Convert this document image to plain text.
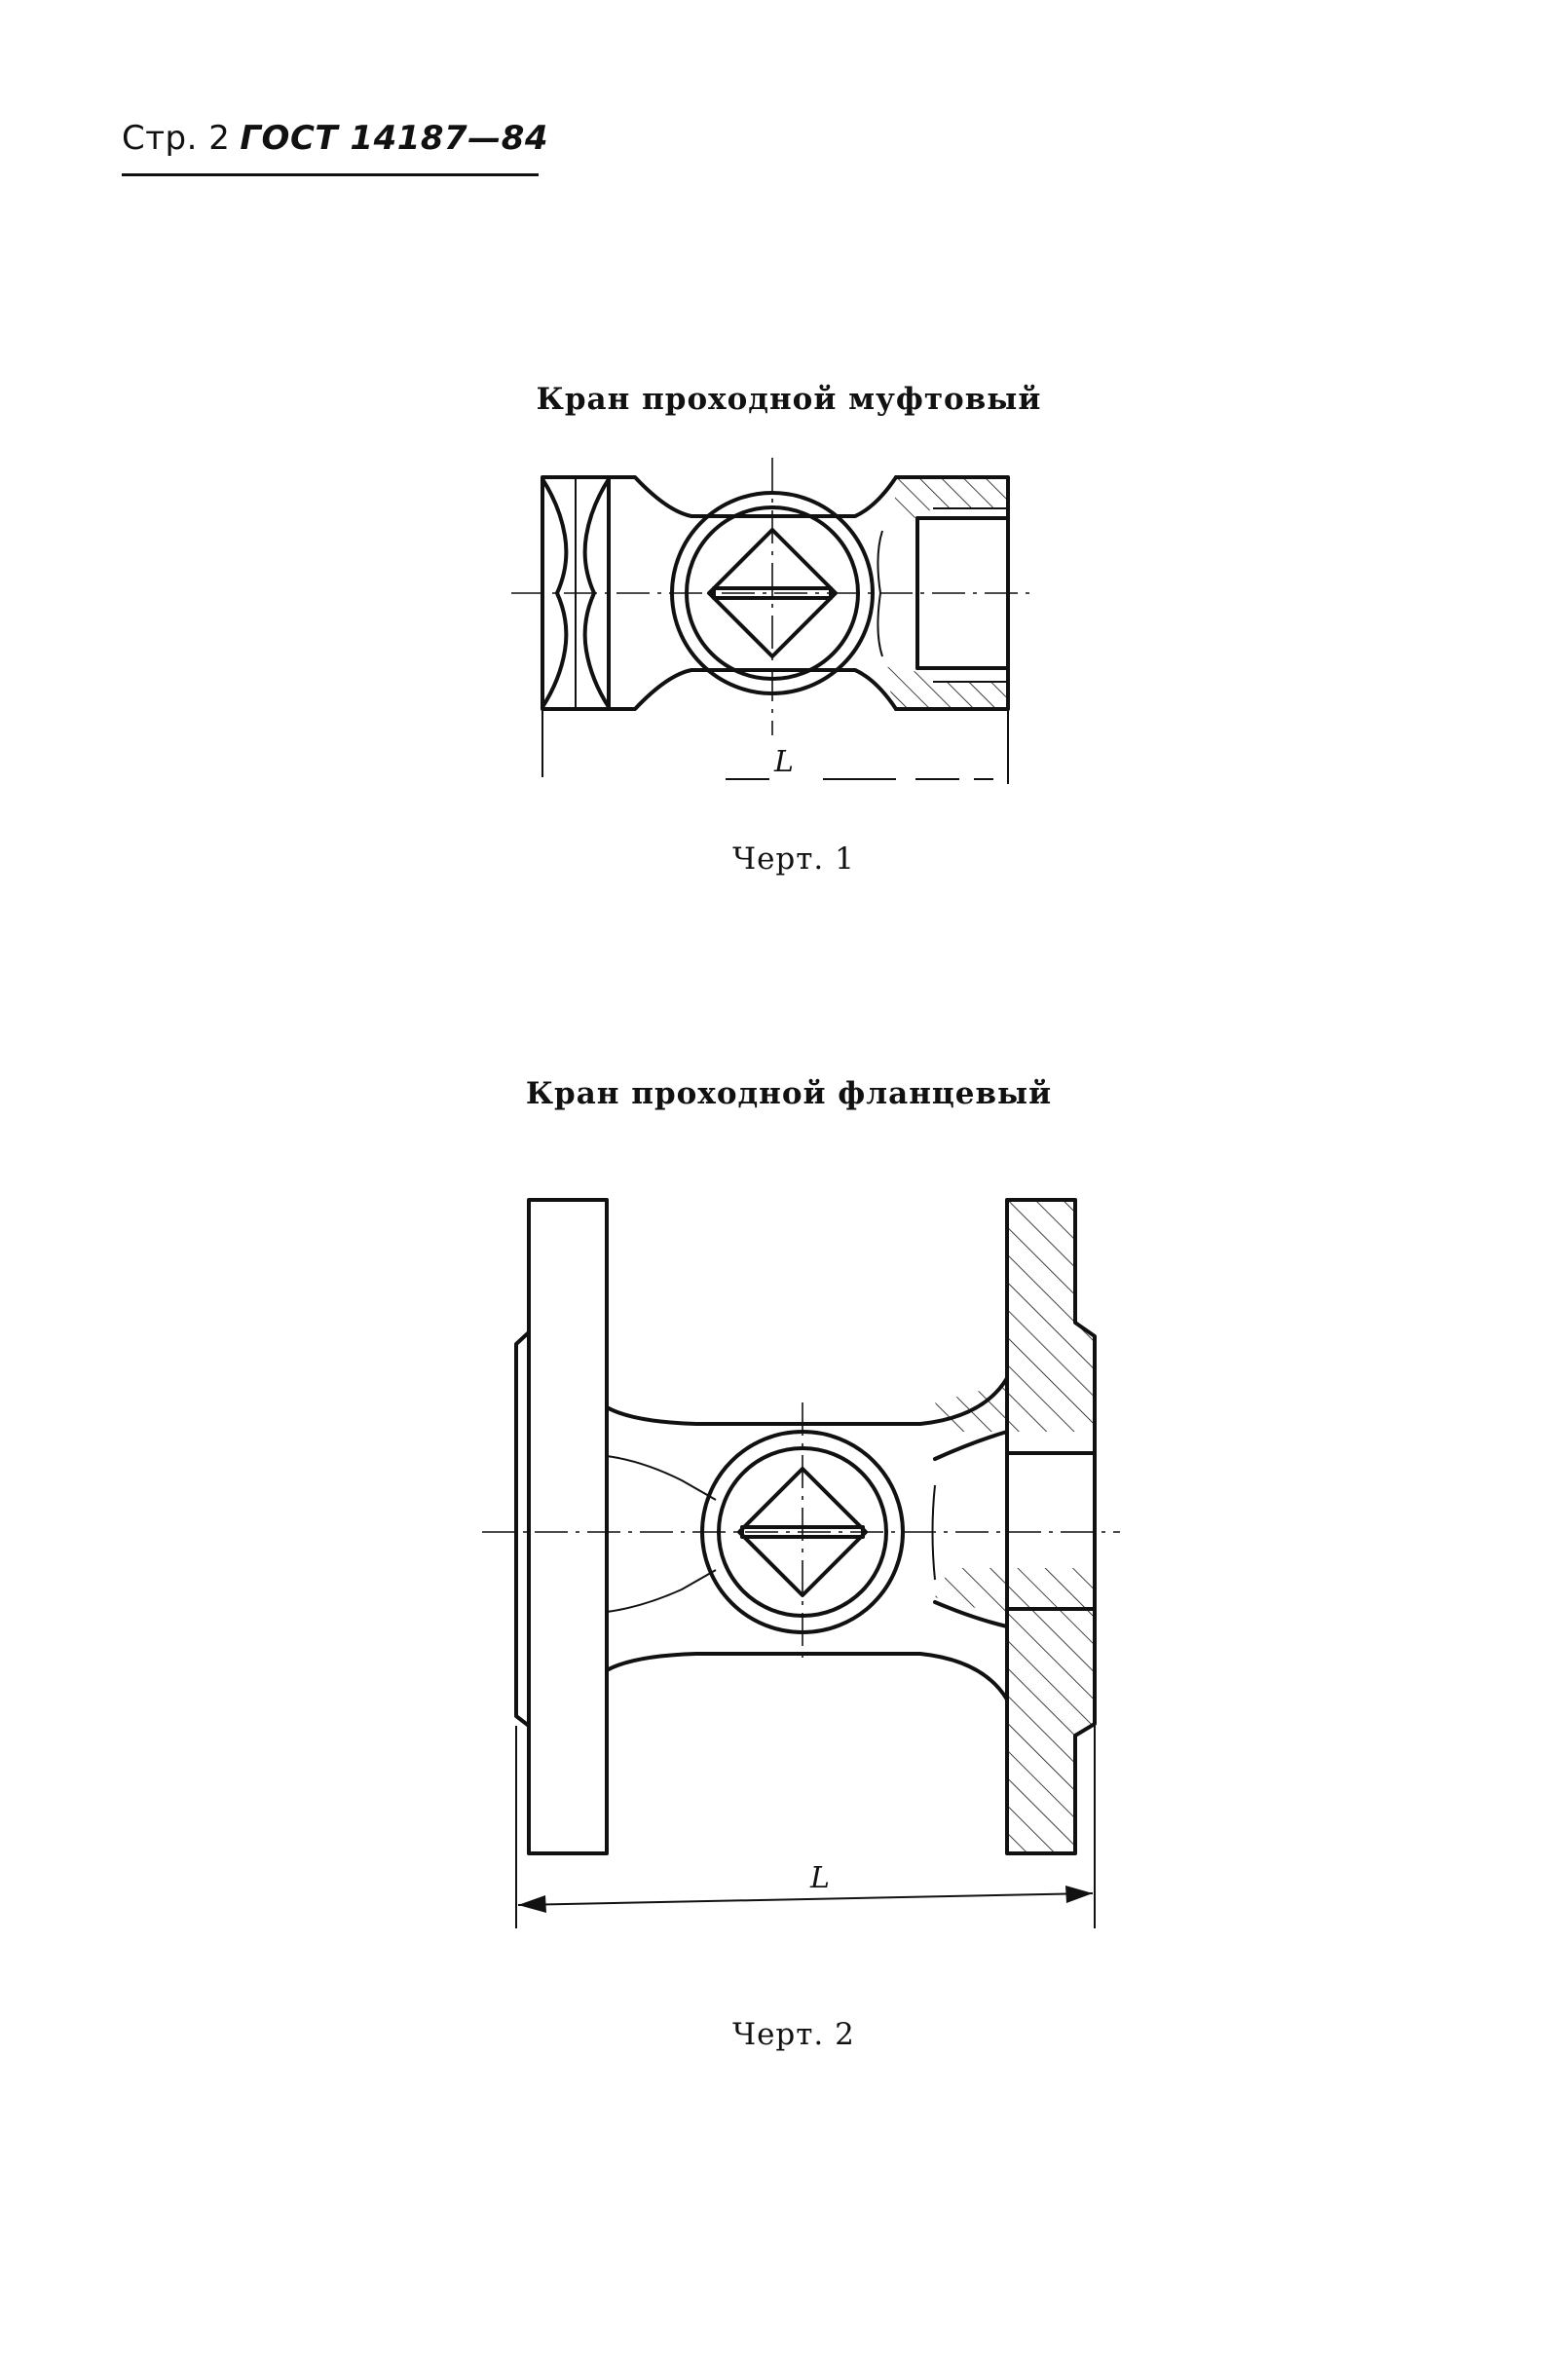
Стр. 2 ГОСТ 14187—84
Кран проходной муфтовый
L
Черт. 1
Кран проходной фланцевый
L
Черт. 2
